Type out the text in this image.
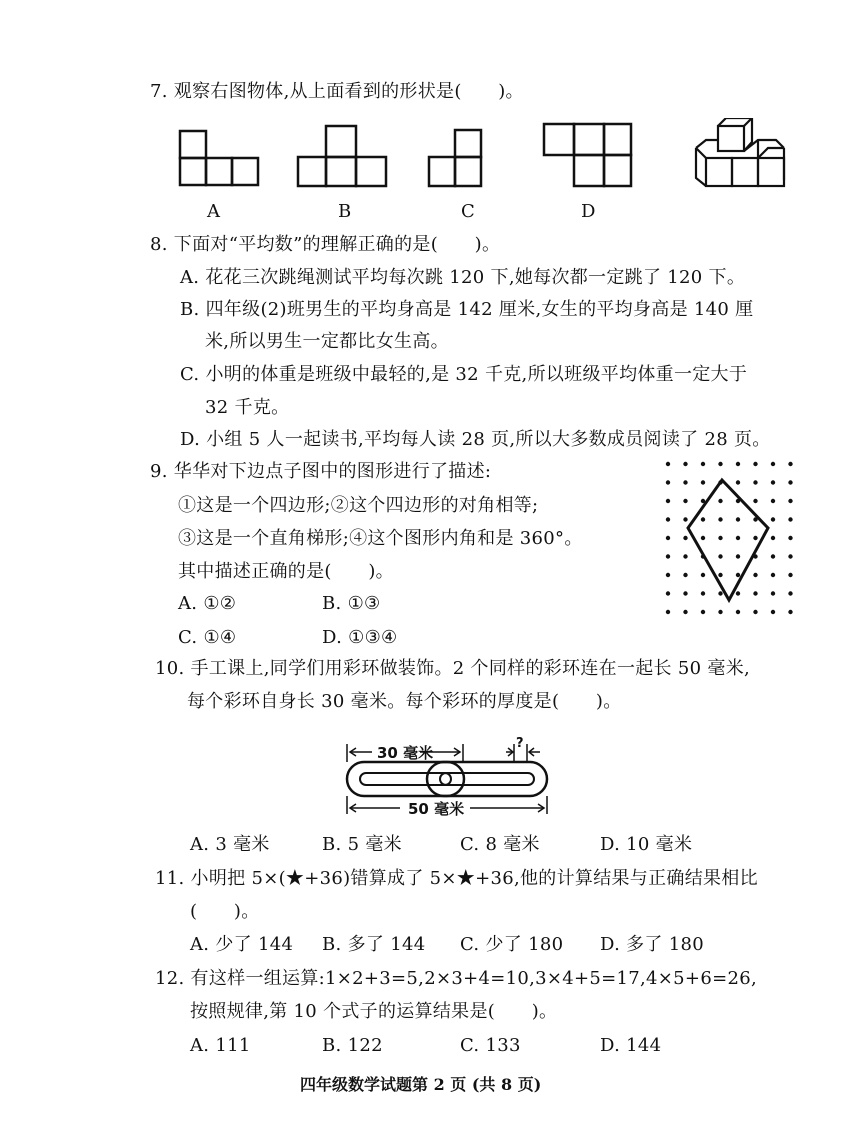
7. 观察右图物体,从上面看到的形状是(　　)。
A	B	C	D
8. 下面对“平均数”的理解正确的是(　　)。
A. 花花三次跳绳测试平均每次跳 120 下,她每次都一定跳了 120 下。
B. 四年级(2)班男生的平均身高是 142 厘米,女生的平均身高是 140 厘
米,所以男生一定都比女生高。
C. 小明的体重是班级中最轻的,是 32 千克,所以班级平均体重一定大于
32 千克。
D. 小组 5 人一起读书,平均每人读 28 页,所以大多数成员阅读了 28 页。
9. 华华对下边点子图中的图形进行了描述:
①这是一个四边形;②这个四边形的对角相等;
③这是一个直角梯形;④这个图形内角和是 360°。
其中描述正确的是(　　)。
A. ①②	B. ①③
C. ①④	D. ①③④
10. 手工课上,同学们用彩环做装饰。2 个同样的彩环连在一起长 50 毫米,
每个彩环自身长 30 毫米。每个彩环的厚度是(　　)。
30 毫米
?
50 毫米
A. 3 毫米	B. 5 毫米	C. 8 毫米	D. 10 毫米
11. 小明把 5×(★+36)错算成了 5×★+36,他的计算结果与正确结果相比
(　　)。
A. 少了 144 B. 多了 144 C. 少了 180 D. 多了 180
12. 有这样一组运算:1×2+3=5,2×3+4=10,3×4+5=17,4×5+6=26,
按照规律,第 10 个式子的运算结果是(　　)。
A. 111	B. 122	C. 133	D. 144
四年级数学试题第 2 页 (共 8 页)
